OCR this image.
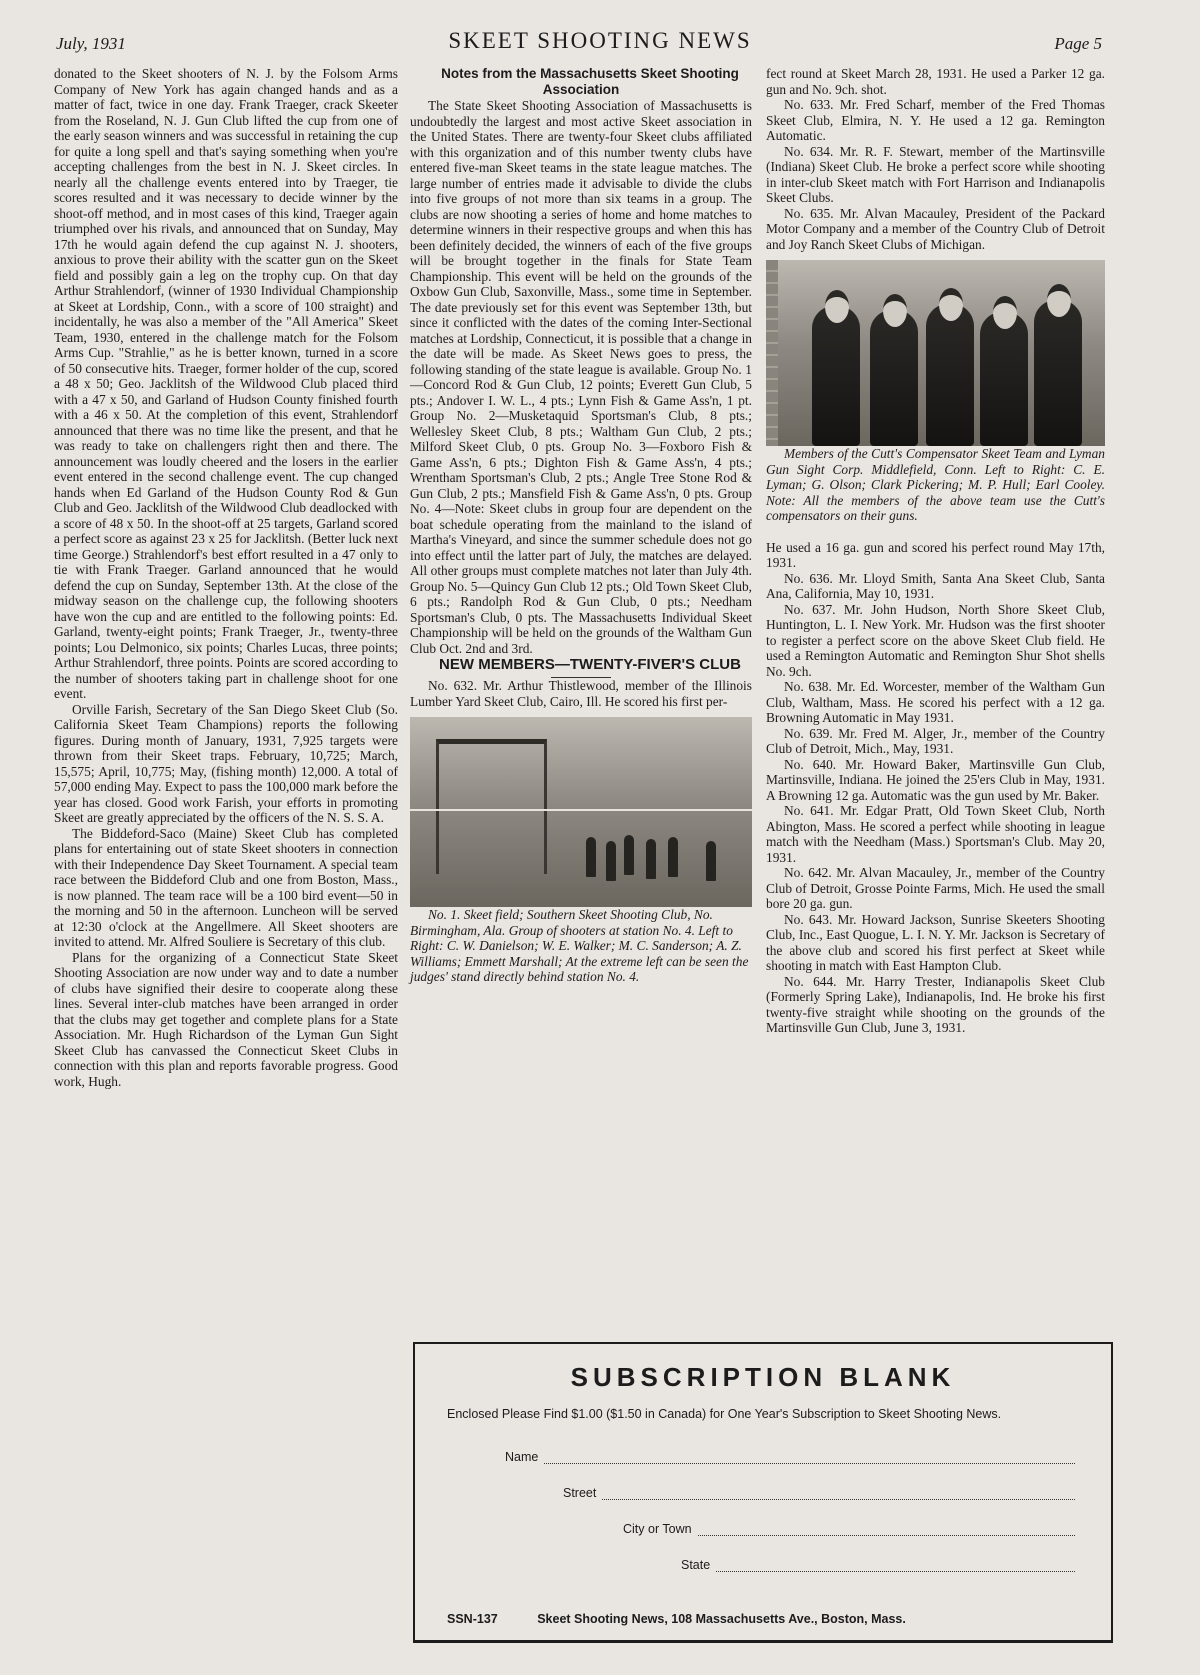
July, 1931	SKEET SHOOTING NEWS	Page 5

donated to the Skeet shooters of N. J. by the Folsom Arms Company of New York has again changed hands and as a matter of fact, twice in one day. Frank Traeger, crack Skeeter from the Roseland, N. J. Gun Club lifted the cup from one of the early season winners and was successful in retaining the cup for quite a long spell and that's saying something when you're accepting challenges from the best in N. J. Skeet circles. In nearly all the challenge events entered into by Traeger, tie scores resulted and it was necessary to decide winner by the shoot-off method, and in most cases of this kind, Traeger again triumphed over his rivals, and announced that on Sunday, May 17th he would again defend the cup against N. J. shooters, anxious to prove their ability with the scatter gun on the Skeet field and possibly gain a leg on the trophy cup. On that day Arthur Strahlendorf, (winner of 1930 Individual Championship at Skeet at Lordship, Conn., with a score of 100 straight) and incidentally, he was also a member of the "All America" Skeet Team, 1930, entered in the challenge match for the Folsom Arms Cup. "Strahlie," as he is better known, turned in a score of 50 consecutive hits. Traeger, former holder of the cup, scored a 48 x 50; Geo. Jacklitsh of the Wildwood Club placed third with a 47 x 50, and Garland of Hudson County finished fourth with a 46 x 50. At the completion of this event, Strahlendorf announced that there was no time like the present, and that he was ready to take on challengers right then and there. The announcement was loudly cheered and the losers in the earlier event entered in the second challenge event. The cup changed hands when Ed Garland of the Hudson County Rod & Gun Club and Geo. Jacklitsh of the Wildwood Club deadlocked with a score of 48 x 50. In the shoot-off at 25 targets, Garland scored a perfect score as against 23 x 25 for Jacklitsh. (Better luck next time George.) Strahlendorf's best effort resulted in a 47 only to tie with Frank Traeger. Garland announced that he would defend the cup on Sunday, September 13th. At the close of the midway season on the challenge cup, the following shooters have won the cup and are entitled to the following points: Ed. Garland, twenty-eight points; Frank Traeger, Jr., twenty-three points; Lou Delmonico, six points; Charles Lucas, three points; Arthur Strahlendorf, three points. Points are scored according to the number of shooters taking part in challenge shoot for one event.

Orville Farish, Secretary of the San Diego Skeet Club (So. California Skeet Team Champions) reports the following figures. During month of January, 1931, 7,925 targets were thrown from their Skeet traps. February, 10,725; March, 15,575; April, 10,775; May, (fishing month) 12,000. A total of 57,000 ending May. Expect to pass the 100,000 mark before the year has closed. Good work Farish, your efforts in promoting Skeet are greatly appreciated by the officers of the N. S. S. A.

The Biddeford-Saco (Maine) Skeet Club has completed plans for entertaining out of state Skeet shooters in connection with their Independence Day Skeet Tournament. A special team race between the Biddeford Club and one from Boston, Mass., is now planned. The team race will be a 100 bird event—50 in the morning and 50 in the afternoon. Luncheon will be served at 12:30 o'clock at the Angellmere. All Skeet shooters are invited to attend. Mr. Alfred Souliere is Secretary of this club.

Plans for the organizing of a Connecticut State Skeet Shooting Association are now under way and to date a number of clubs have signified their desire to cooperate along these lines. Several inter-club matches have been arranged in order that the clubs may get together and complete plans for a State Association. Mr. Hugh Richardson of the Lyman Gun Sight Skeet Club has canvassed the Connecticut Skeet Clubs in connection with this plan and reports favorable progress. Good work, Hugh.

Notes from the Massachusetts Skeet Shooting Association

The State Skeet Shooting Association of Massachusetts is undoubtedly the largest and most active Skeet association in the United States. There are twenty-four Skeet clubs affiliated with this organization and of this number twenty clubs have entered five-man Skeet teams in the state league matches. The large number of entries made it advisable to divide the clubs into five groups of not more than six teams in a group. The clubs are now shooting a series of home and home matches to determine winners in their respective groups and when this has been definitely decided, the winners of each of the five groups will be brought together in the finals for State Team Championship. This event will be held on the grounds of the Oxbow Gun Club, Saxonville, Mass., some time in September. The date previously set for this event was September 13th, but since it conflicted with the dates of the coming Inter-Sectional matches at Lordship, Connecticut, it is possible that a change in the date will be made. As Skeet News goes to press, the following standing of the state league is available. Group No. 1—Concord Rod & Gun Club, 12 points; Everett Gun Club, 5 pts.; Andover I. W. L., 4 pts.; Lynn Fish & Game Ass'n, 1 pt. Group No. 2—Musketaquid Sportsman's Club, 8 pts.; Wellesley Skeet Club, 8 pts.; Waltham Gun Club, 2 pts.; Milford Skeet Club, 0 pts. Group No. 3—Foxboro Fish & Game Ass'n, 6 pts.; Dighton Fish & Game Ass'n, 4 pts.; Wrentham Sportsman's Club, 2 pts.; Angle Tree Stone Rod & Gun Club, 2 pts.; Mansfield Fish & Game Ass'n, 0 pts. Group No. 4—Note: Skeet clubs in group four are dependent on the boat schedule operating from the mainland to the island of Martha's Vineyard, and since the summer schedule does not go into effect until the latter part of July, the matches are delayed. All other groups must complete matches not later than July 4th. Group No. 5—Quincy Gun Club 12 pts.; Old Town Skeet Club, 6 pts.; Randolph Rod & Gun Club, 0 pts.; Needham Sportsman's Club, 0 pts. The Massachusetts Individual Skeet Championship will be held on the grounds of the Waltham Gun Club Oct. 2nd and 3rd.

NEW MEMBERS—TWENTY-FIVER'S CLUB

No. 632. Mr. Arthur Thistlewood, member of the Illinois Lumber Yard Skeet Club, Cairo, Ill. He scored his first per-

No. 1. Skeet field; Southern Skeet Shooting Club, No. Birmingham, Ala. Group of shooters at station No. 4. Left to Right: C. W. Danielson; W. E. Walker; M. C. Sanderson; A. Z. Williams; Emmett Marshall; At the extreme left can be seen the judges' stand directly behind station No. 4.

fect round at Skeet March 28, 1931. He used a Parker 12 ga. gun and No. 9ch. shot.

No. 633. Mr. Fred Scharf, member of the Fred Thomas Skeet Club, Elmira, N. Y. He used a 12 ga. Remington Automatic.

No. 634. Mr. R. F. Stewart, member of the Martinsville (Indiana) Skeet Club. He broke a perfect score while shooting in inter-club Skeet match with Fort Harrison and Indianapolis Skeet Clubs.

No. 635. Mr. Alvan Macauley, President of the Packard Motor Company and a member of the Country Club of Detroit and Joy Ranch Skeet Clubs of Michigan.

Members of the Cutt's Compensator Skeet Team and Lyman Gun Sight Corp. Middlefield, Conn. Left to Right: C. E. Lyman; G. Olson; Clark Pickering; M. P. Hull; Earl Cooley. Note: All the members of the above team use the Cutt's compensators on their guns.

He used a 16 ga. gun and scored his perfect round May 17th, 1931.

No. 636. Mr. Lloyd Smith, Santa Ana Skeet Club, Santa Ana, California, May 10, 1931.

No. 637. Mr. John Hudson, North Shore Skeet Club, Huntington, L. I. New York. Mr. Hudson was the first shooter to register a perfect score on the above Skeet Club field. He used a Remington Automatic and Remington Shur Shot shells No. 9ch.

No. 638. Mr. Ed. Worcester, member of the Waltham Gun Club, Waltham, Mass. He scored his perfect with a 12 ga. Browning Automatic in May 1931.

No. 639. Mr. Fred M. Alger, Jr., member of the Country Club of Detroit, Mich., May, 1931.

No. 640. Mr. Howard Baker, Martinsville Gun Club, Martinsville, Indiana. He joined the 25'ers Club in May, 1931. A Browning 12 ga. Automatic was the gun used by Mr. Baker.

No. 641. Mr. Edgar Pratt, Old Town Skeet Club, North Abington, Mass. He scored a perfect while shooting in league match with the Needham (Mass.) Sportsman's Club. May 20, 1931.

No. 642. Mr. Alvan Macauley, Jr., member of the Country Club of Detroit, Grosse Pointe Farms, Mich. He used the small bore 20 ga. gun.

No. 643. Mr. Howard Jackson, Sunrise Skeeters Shooting Club, Inc., East Quogue, L. I. N. Y. Mr. Jackson is Secretary of the above club and scored his first perfect at Skeet while shooting in match with East Hampton Club.

No. 644. Mr. Harry Trester, Indianapolis Skeet Club (Formerly Spring Lake), Indianapolis, Ind. He broke his first twenty-five straight while shooting on the grounds of the Martinsville Gun Club, June 3, 1931.

SUBSCRIPTION BLANK
Enclosed Please Find $1.00 ($1.50 in Canada) for One Year's Subscription to Skeet Shooting News.
Name
Street
City or Town
State
SSN-137	Skeet Shooting News, 108 Massachusetts Ave., Boston, Mass.
